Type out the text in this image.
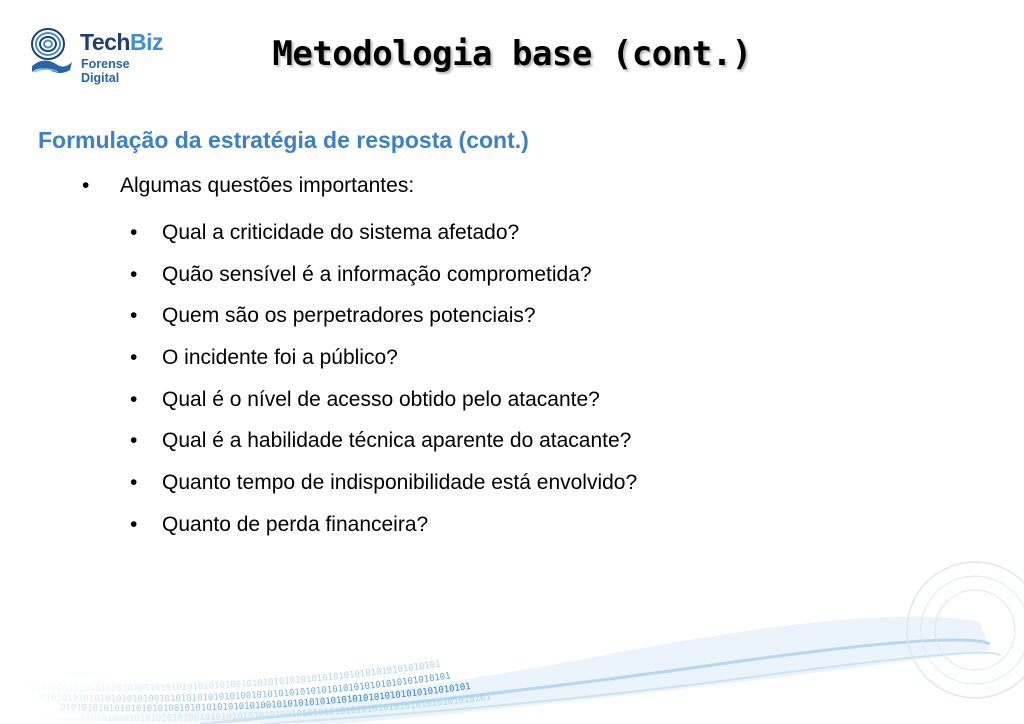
TechBiz
Forense Digital
Metodologia base (cont.)
Formulação da estratégia de resposta (cont.)
• Algumas questões importantes:
• Qual a criticidade do sistema afetado?
• Quão sensível é a informação comprometida?
• Quem são os perpetradores potenciais?
• O incidente foi a público?
• Qual é o nível de acesso obtido pelo atacante?
• Qual é a habilidade técnica aparente do atacante?
• Quanto tempo de indisponibilidade está envolvido?
• Quanto de perda financeira?
